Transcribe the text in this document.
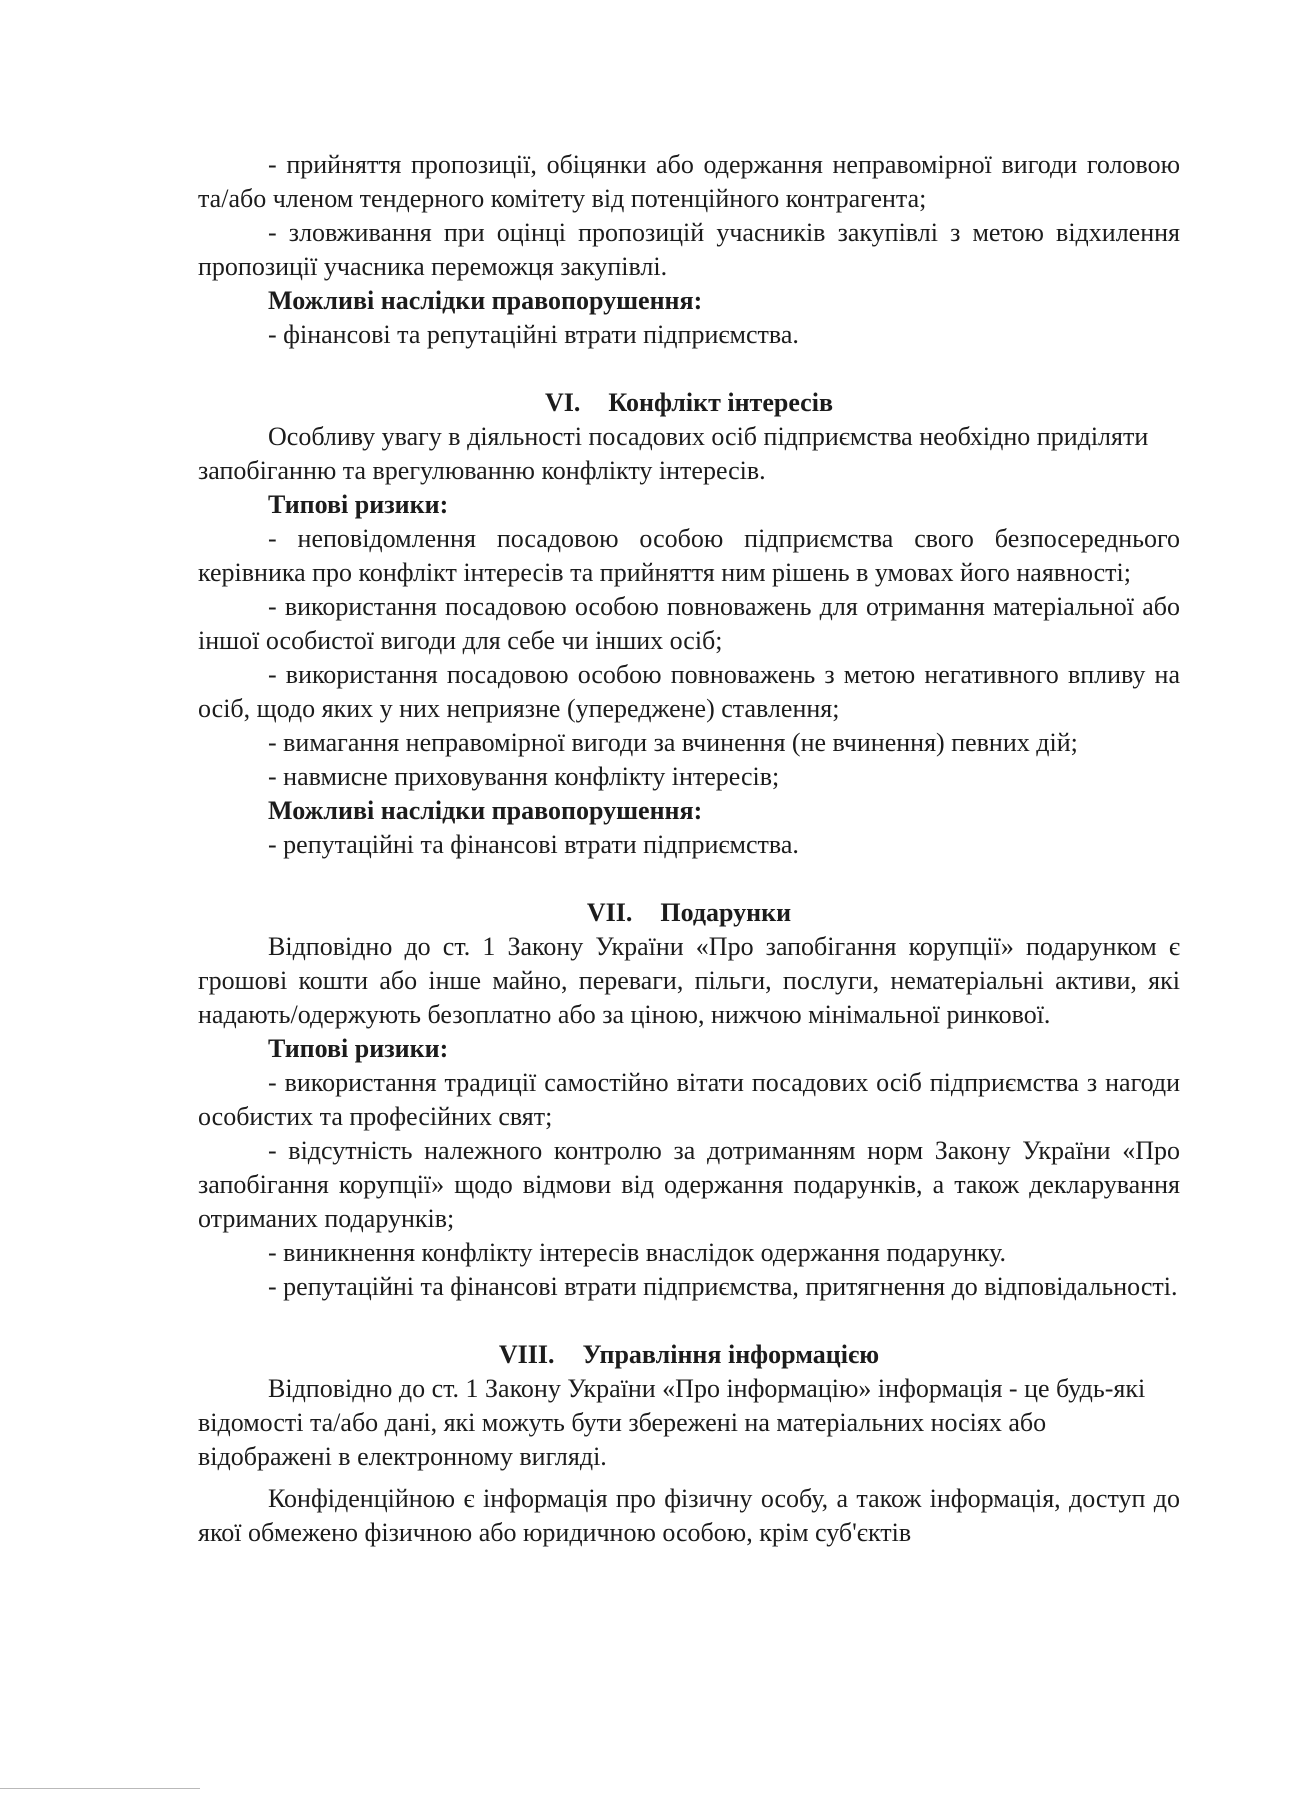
- прийняття пропозиції, обіцянки або одержання неправомірної вигоди головою та/або членом тендерного комітету від потенційного контрагента;

- зловживання при оцінці пропозицій учасників закупівлі з метою відхилення пропозиції учасника переможця закупівлі.

Можливі наслідки правопорушення:

- фінансові та репутаційні втрати підприємства.

VI. Конфлікт інтересів

Особливу увагу в діяльності посадових осіб підприємства необхідно приділяти запобіганню та врегулюванню конфлікту інтересів.

Типові ризики:

- неповідомлення посадовою особою підприємства свого безпосереднього керівника про конфлікт інтересів та прийняття ним рішень в умовах його наявності;

- використання посадовою особою повноважень для отримання матеріальної або іншої особистої вигоди для себе чи інших осіб;

- використання посадовою особою повноважень з метою негативного впливу на осіб, щодо яких у них неприязне (упереджене) ставлення;

- вимагання неправомірної вигоди за вчинення (не вчинення) певних дій;

- навмисне приховування конфлікту інтересів;

Можливі наслідки правопорушення:

- репутаційні та фінансові втрати підприємства.

VII. Подарунки

Відповідно до ст. 1 Закону України «Про запобігання корупції» подарунком є грошові кошти або інше майно, переваги, пільги, послуги, нематеріальні активи, які надають/одержують безоплатно або за ціною, нижчою мінімальної ринкової.

Типові ризики:

- використання традиції самостійно вітати посадових осіб підприємства з нагоди особистих та професійних свят;

- відсутність належного контролю за дотриманням норм Закону України «Про запобігання корупції» щодо відмови від одержання подарунків, а також декларування отриманих подарунків;

- виникнення конфлікту інтересів внаслідок одержання подарунку.

- репутаційні та фінансові втрати підприємства, притягнення до відповідальності.

VIII. Управління інформацією

Відповідно до ст. 1 Закону України «Про інформацію» інформація - це будь-які відомості та/або дані, які можуть бути збережені на матеріальних носіях або відображені в електронному вигляді.

Конфіденційною є інформація про фізичну особу, а також інформація, доступ до якої обмежено фізичною або юридичною особою, крім суб'єктів
